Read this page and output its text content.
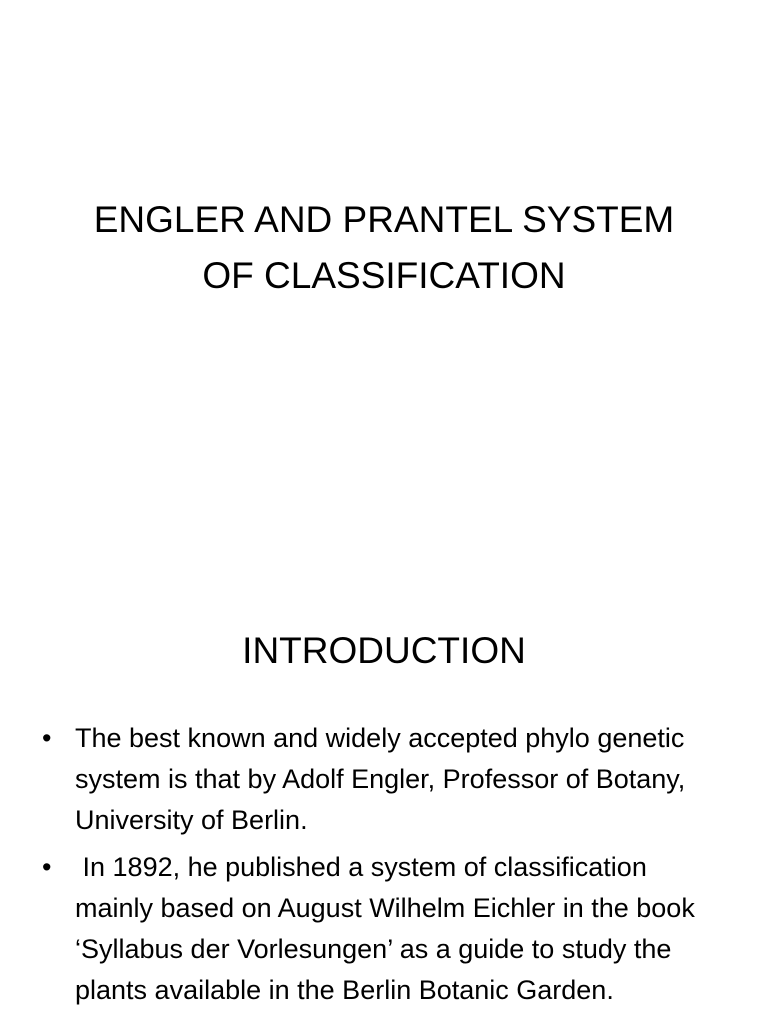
ENGLER AND PRANTEL SYSTEM
OF CLASSIFICATION
INTRODUCTION
• The best known and widely accepted phylo genetic system is that by Adolf Engler, Professor of Botany, University of Berlin.
• In 1892, he published a system of classification mainly based on August Wilhelm Eichler in the book ‘Syllabus der Vorlesungen’ as a guide to study the plants available in the Berlin Botanic Garden.
